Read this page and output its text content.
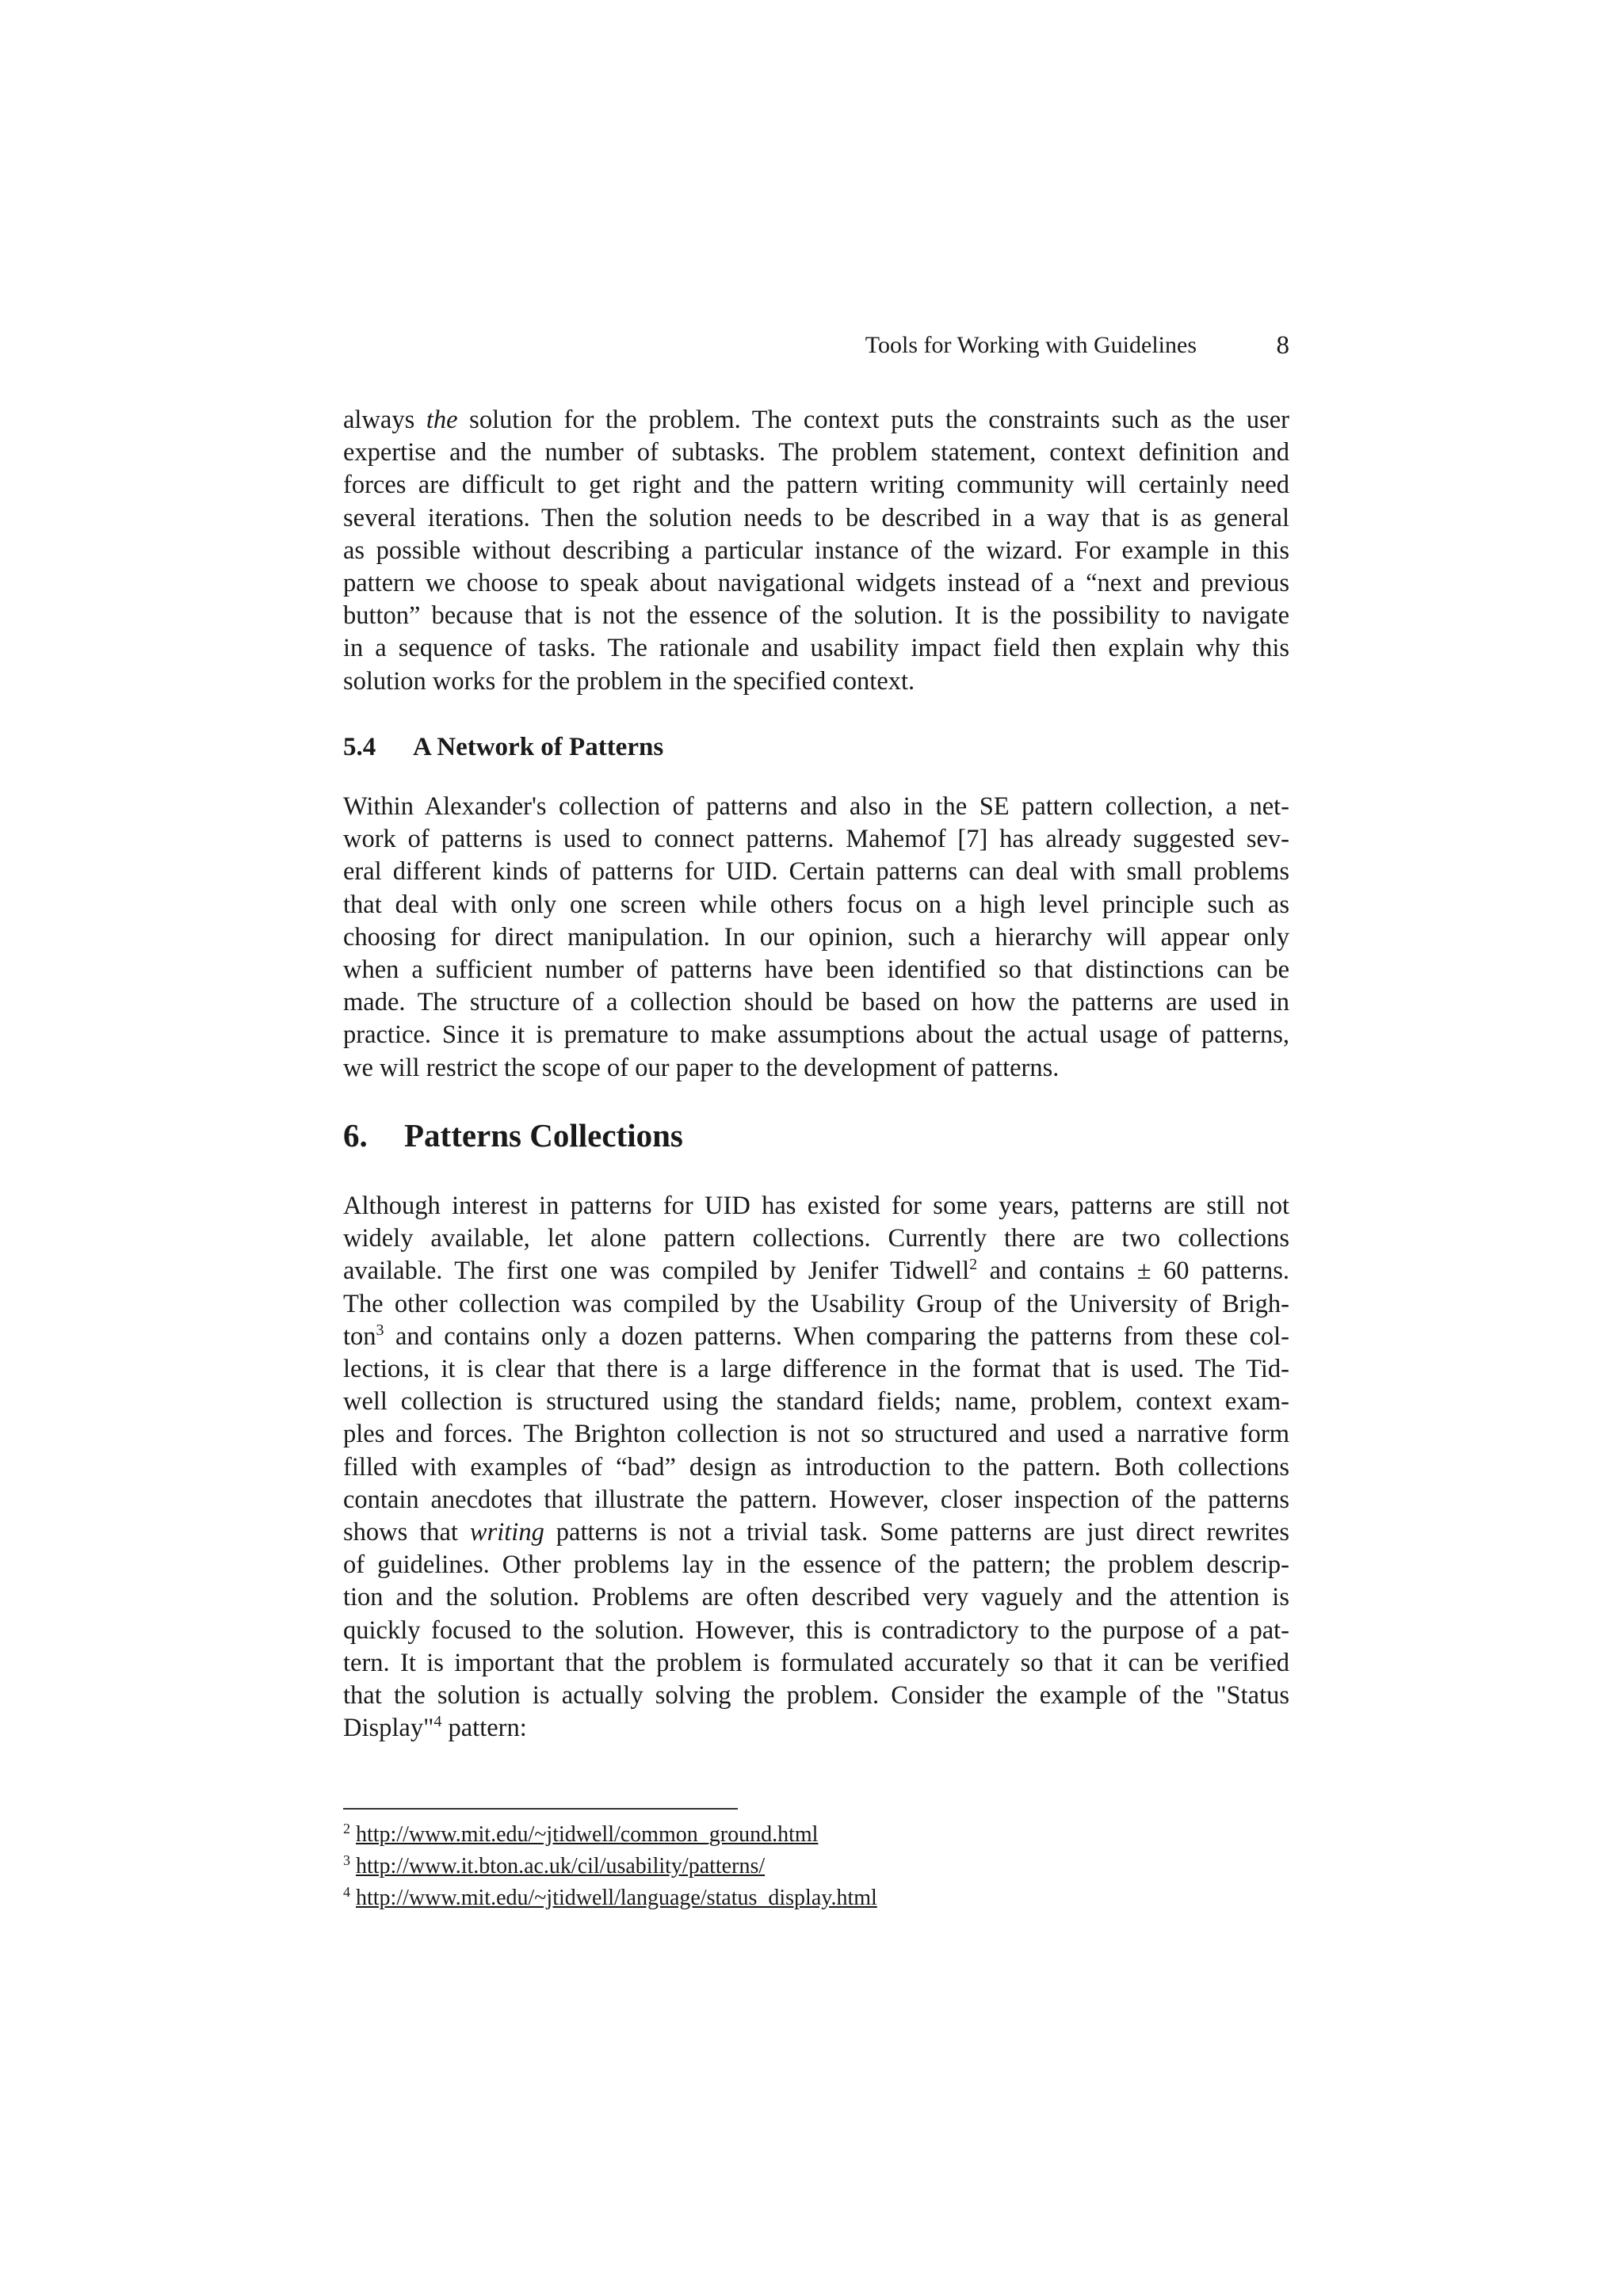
Tools for Working with Guidelines	8

always the solution for the problem. The context puts the constraints such as the user
expertise and the number of subtasks. The problem statement, context definition and
forces are difficult to get right and the pattern writing community will certainly need
several iterations. Then the solution needs to be described in a way that is as general
as possible without describing a particular instance of the wizard. For example in this
pattern we choose to speak about navigational widgets instead of a “next and previous
button” because that is not the essence of the solution. It is the possibility to navigate
in a sequence of tasks. The rationale and usability impact field then explain why this
solution works for the problem in the specified context.

5.4 A Network of Patterns

Within Alexander's collection of patterns and also in the SE pattern collection, a net-
work of patterns is used to connect patterns. Mahemof [7] has already suggested sev-
eral different kinds of patterns for UID. Certain patterns can deal with small problems
that deal with only one screen while others focus on a high level principle such as
choosing for direct manipulation. In our opinion, such a hierarchy will appear only
when a sufficient number of patterns have been identified so that distinctions can be
made. The structure of a collection should be based on how the patterns are used in
practice. Since it is premature to make assumptions about the actual usage of patterns,
we will restrict the scope of our paper to the development of patterns.

6. Patterns Collections

Although interest in patterns for UID has existed for some years, patterns are still not
widely available, let alone pattern collections. Currently there are two collections
available. The first one was compiled by Jenifer Tidwell$^2$ and contains ± 60 patterns.
The other collection was compiled by the Usability Group of the University of Brigh-
ton$^3$ and contains only a dozen patterns. When comparing the patterns from these col-
lections, it is clear that there is a large difference in the format that is used. The Tid-
well collection is structured using the standard fields; name, problem, context exam-
ples and forces. The Brighton collection is not so structured and used a narrative form
filled with examples of “bad” design as introduction to the pattern. Both collections
contain anecdotes that illustrate the pattern. However, closer inspection of the patterns
shows that writing patterns is not a trivial task. Some patterns are just direct rewrites
of guidelines. Other problems lay in the essence of the pattern; the problem descrip-
tion and the solution. Problems are often described very vaguely and the attention is
quickly focused to the solution. However, this is contradictory to the purpose of a pat-
tern. It is important that the problem is formulated accurately so that it can be verified
that the solution is actually solving the problem. Consider the example of the "Status
Display"$^4$ pattern:

$^2$ http://www.mit.edu/~jtidwell/common_ground.html
$^3$ http://www.it.bton.ac.uk/cil/usability/patterns/
$^4$ http://www.mit.edu/~jtidwell/language/status_display.html
